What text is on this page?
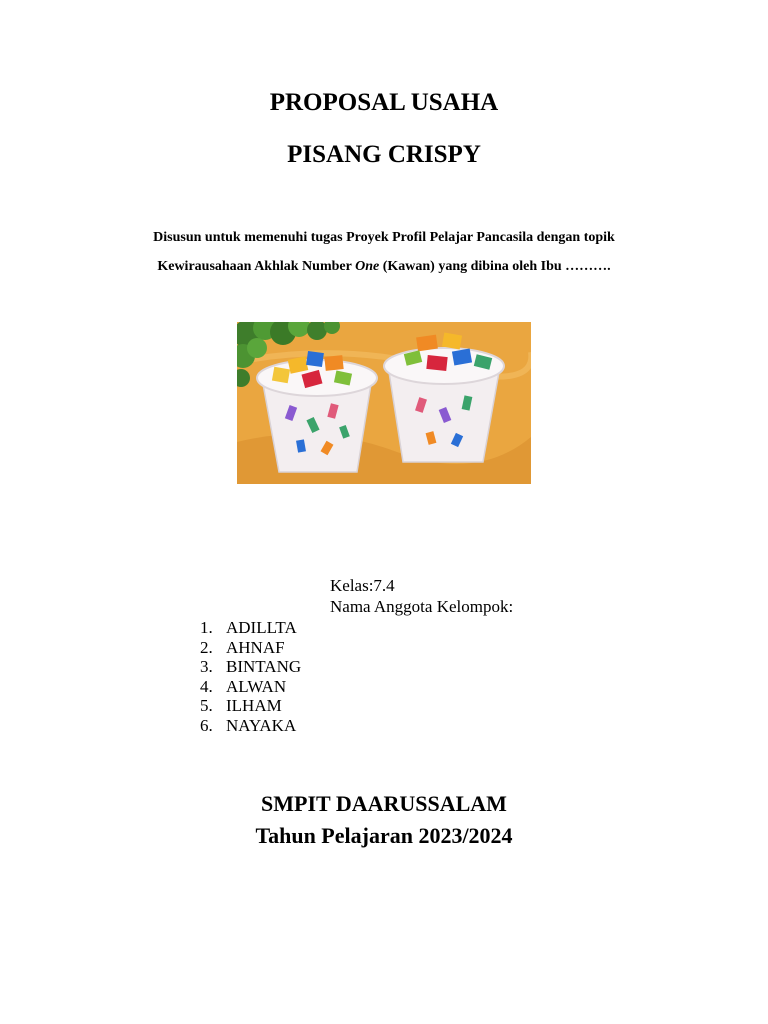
PROPOSAL USAHA
PISANG CRISPY
Disusun untuk memenuhi tugas Proyek Profil Pelajar Pancasila dengan topik
Kewirausahaan Akhlak Number One (Kawan) yang dibina oleh Ibu ……….
Kelas:7.4
Nama Anggota Kelompok:
1. ADILLTA
2. AHNAF
3. BINTANG
4. ALWAN
5. ILHAM
6. NAYAKA
SMPIT DAARUSSALAM
Tahun Pelajaran 2023/2024
